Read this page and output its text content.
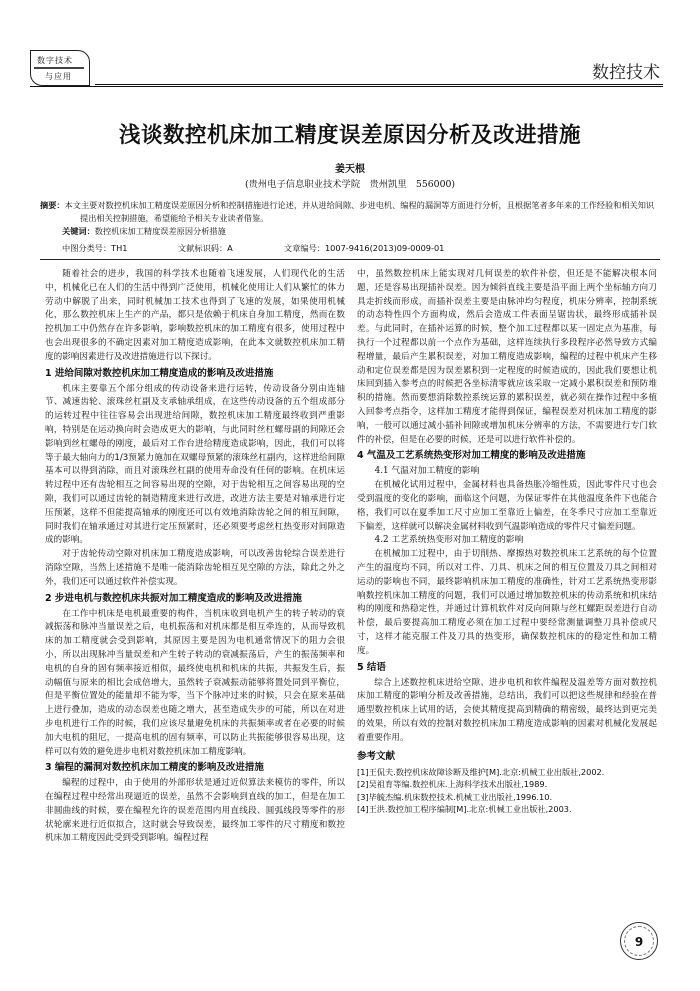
数字技术
与应用	数控技术
浅谈数控机床加工精度误差原因分析及改进措施
姜天根
(贵州电子信息职业技术学院　贵州凯里　556000)
摘要：本文主要对数控机床加工精度误差原因分析和控制措施进行论述，并从进给间隙、步进电机、编程的漏洞等方面进行分析，且根据笔者多年来的工作经验和相关知识提出相关控制措施，希望能给予相关专业读者借鉴。
关键词：数控机床加工精度误差原因分析措施
中图分类号：TH1	文献标识码：A	文章编号：1007-9416(2013)09-0009-01

随着社会的进步，我国的科学技术也随着飞速发展，人们现代化的生活中，机械化已在人们的生活中得到广泛使用，机械化使用让人们从繁忙的体力劳动中解脱了出来，同时机械加工技术也得到了飞速的发展，如果使用机械化，那么数控机床上生产的产品，都只是依赖于机床自身加工精度，然而在数控机加工中仍然存在许多影响，影响数控机床的加工精度有很多，使用过程中也会出现很多的不确定因素对加工精度造成影响，在此本文就数控机床加工精度的影响因素进行及改进措施进行以下探讨。

1 进给间隙对数控机床加工精度造成的影响及改进措施

机床主要靠五个部分组成的传动设备来进行运转，传动设备分别由连轴节、减速齿轮、滚珠丝杠副及支承轴承组成，在这些传动设备的五个组成部分的运转过程中往往容易会出现进给间隙，数控机床加工精度最终收到严重影响，特别是在运动换向时会造成更大的影响，与此同时丝杠螺母副的间隙还会影响到丝杠螺母的刚度，最后对工作台进给精度造成影响，因此，我们可以将等于最大轴向力的1/3预紧力施加在双螺母预紧的滚珠丝杠副内，这样进给间隙基本可以得到消除，而且对滚珠丝杠副的使用寿命没有任何的影响。在机床运转过程中还有齿轮相互之间容易出现的空隙，对于齿轮相互之间容易出现的空隙，我们可以通过齿轮的制造精度来进行改进，改进方法主要是对轴承进行定压预紧，这样不但能提高轴承的刚度还可以有效地消除齿轮之间的相互间隙，同时我们在轴承通过对其进行定压预紧时，还必须要考虑丝杠热变形对间隙造成的影响。

对于齿轮传动空隙对机床加工精度造成影响，可以改善齿轮综合误差进行消除空隙，当然上述措施不是唯一能消除齿轮相互见空隙的方法，除此之外之外，我们还可以通过软件补偿实现。

2 步进电机与数控机床共振对加工精度造成的影响及改进措施

在工作中机床是电机最重要的构件，当机床收到电机产生的转子转动的衰减振荡和脉冲当量误差之后，电机振荡和对机床都是相互牵连的，从而导致机床的加工精度就会受到影响，其原因主要是因为电机通常情况下的阻力会很小，所以出现脉冲当量误差和产生转子转动的衰减振荡后，产生的振荡频率和电机的自身的固有频率接近相似，最终使电机和机床的共振，共振发生后，振动幅值与原来的相比会成倍增大，虽然转子衰减振动能够将置处同到平衡位，但是平衡位置处的能量却不能为零，当下个脉冲过来的时候，只会在原来基础上进行叠加，造成的动态误差也随之增大，甚至造成失步的可能，所以在对进步电机进行工作的时候，我们应该尽量避免机床的共振频率或者在必要的时候加大电机的阻尼，一提高电机的固有频率，可以防止共振能够很容易出现，这样可以有效的避免进步电机对数控机床加工精度影响。

3 编程的漏洞对数控机床加工精度的影响及改进措施

编程的过程中，由于使用的外部形状是通过近似算法来模仿的零件，所以在编程过程中经常出现逼近的误差，虽然不会影响到直线的加工，但是在加工非圆曲线的时候，要在编程允许的误差范围内用直线段、圆弧线段等零件的形状轮廓来进行近似拟合，这时就会导致误差，最终加工零件的尺寸精度和数控机床加工精度因此受到受到影响。编程过程

中，虽然数控机床上能实现对几何误差的软件补偿，但还是不能解决根本问题，还是容易出现插补误差。因为倾斜直线主要是沿平面上两个坐标轴方向刀具走折线而形成，而插补误差主要是由脉冲均匀程度，机床分辨率，控制系统的动态特性四个方面构成，然后会造成工件表面呈锯齿状，最终形成插补误差。与此同时，在插补运算的时候，整个加工过程都以某一固定点为基准，每执行一个过程都以前一个点作为基础，这样连续执行多段程序必然导致方式编程增量，最后产生累积误差，对加工精度造成影响，编程的过程中机床产生移动和定位误差都是因为误差累积到一定程度的时候造成的，因此我们要想让机床回到插入参考点的时候把各坐标清零就应该采取一定减小累积误差和预防堆积的措施。然而要想消除数控系统运算的累积误差，就必须在操作过程中多植入回参考点指令，这样加工精度才能得到保证，编程误差对机床加工精度的影响，一般可以通过减小插补间隙或增加机床分辨率的方法，不需要进行专门软件的补偿，但是在必要的时候，还是可以进行软件补偿的。

4 气温及工艺系统热变形对加工精度的影响及改进措施
4.1 气温对加工精度的影响

在机械化试用过程中，金属材料也具备热胀冷缩性质，因此零件尺寸也会受到温度的变化的影响，面临这个问题，为保证零件在其他温度条件下也能合格，我们可以在夏季加工尺寸应加工至靠近上偏差，在冬季尺寸应加工至靠近下偏差，这样就可以解决金属材料收到气温影响造成的零件尺寸偏差问题。

4.2 工艺系统热变形对加工精度的影响

在机械加工过程中，由于切削热、摩擦热对数控机床工艺系统的每个位置产生的温度均不同，所以对工件、刀具、机床之间的相互位置及刀具之间相对运动的影响也不同，最终影响机床加工精度的准确性，针对工艺系统热变形影响数控机床加工精度的问题，我们可以通过增加数控机床的传动系统和机床结构的刚度和热稳定性，并通过计算机软件对反向间隙与丝杠螺距误差进行自动补偿，最后要提高加工精度必须在加工过程中要经常测量调整刀具补偿或尺寸，这样才能克服工件及刀具的热变形，确保数控机床的的稳定性和加工精度。

5 结语

综合上述数控机床进给空隙、进步电机和软件编程及温差等方面对数控机床加工精度的影响分析及改善措施，总结出，我们可以把这些规律和经验在普通型数控机床上试用的话，会使其精度提高到精确的精密级，最终达到更完美的效果，所以有效的控制对数控机床加工精度造成影响的因素对机械化发展起着重要作用。

参考文献

[1]王侃夫.数控机床故障诊断及维护[M].北京:机械工业出版社,2002.

[2]吴祖育等编.数控机床.上海科学技术出版社,1989.

[3]毕毓杰编.机床数控技术.机械工业出版社,1996.10.

[4]王洪.数控加工程序编制[M].北京:机械工业出版社,2003.

9
